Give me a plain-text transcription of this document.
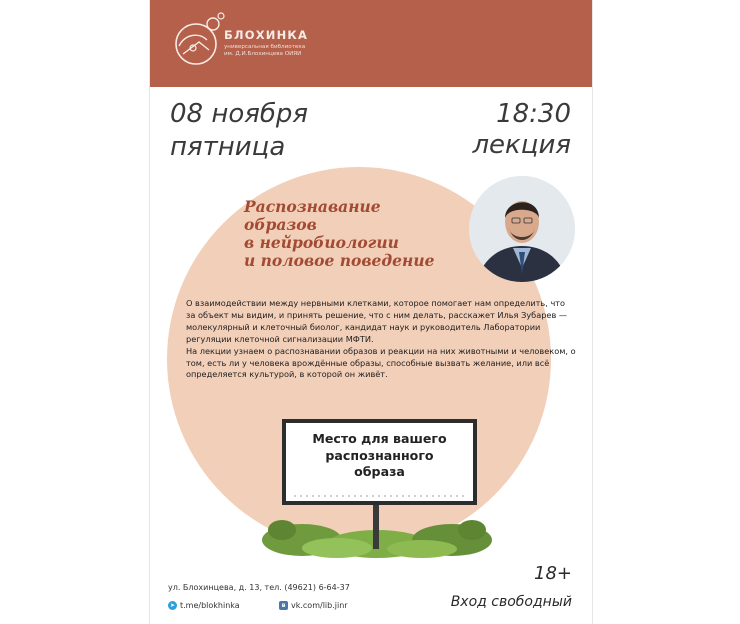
БЛОХИНКА
универсальная библиотека
им. Д.И.Блохинцева ОИЯИ
08 ноября
пятница
18:30
лекция
Распознавание
образов
в нейробиологии
и половое поведение

О взаимодействии между нервными клетками, которое помогает нам определить, что за объект мы видим, и принять решение, что с ним делать, расскажет Илья Зубарев — молекулярный и клеточный биолог, кандидат наук и руководитель Лаборатории регуляции клеточной сигнализации МФТИ.

На лекции узнаем о распознавании образов и реакции на них животными и человеком, о том, есть ли у человека врождённые образы, способные вызвать желание, или всё определяется культурой, в которой он живёт.

Место для вашего
распознанного
образа
ул. Блохинцева, д. 13, тел. (49621) 6-64-37
➤ t.me/blokhinka	в vk.com/lib.jinr
18+
Вход свободный
